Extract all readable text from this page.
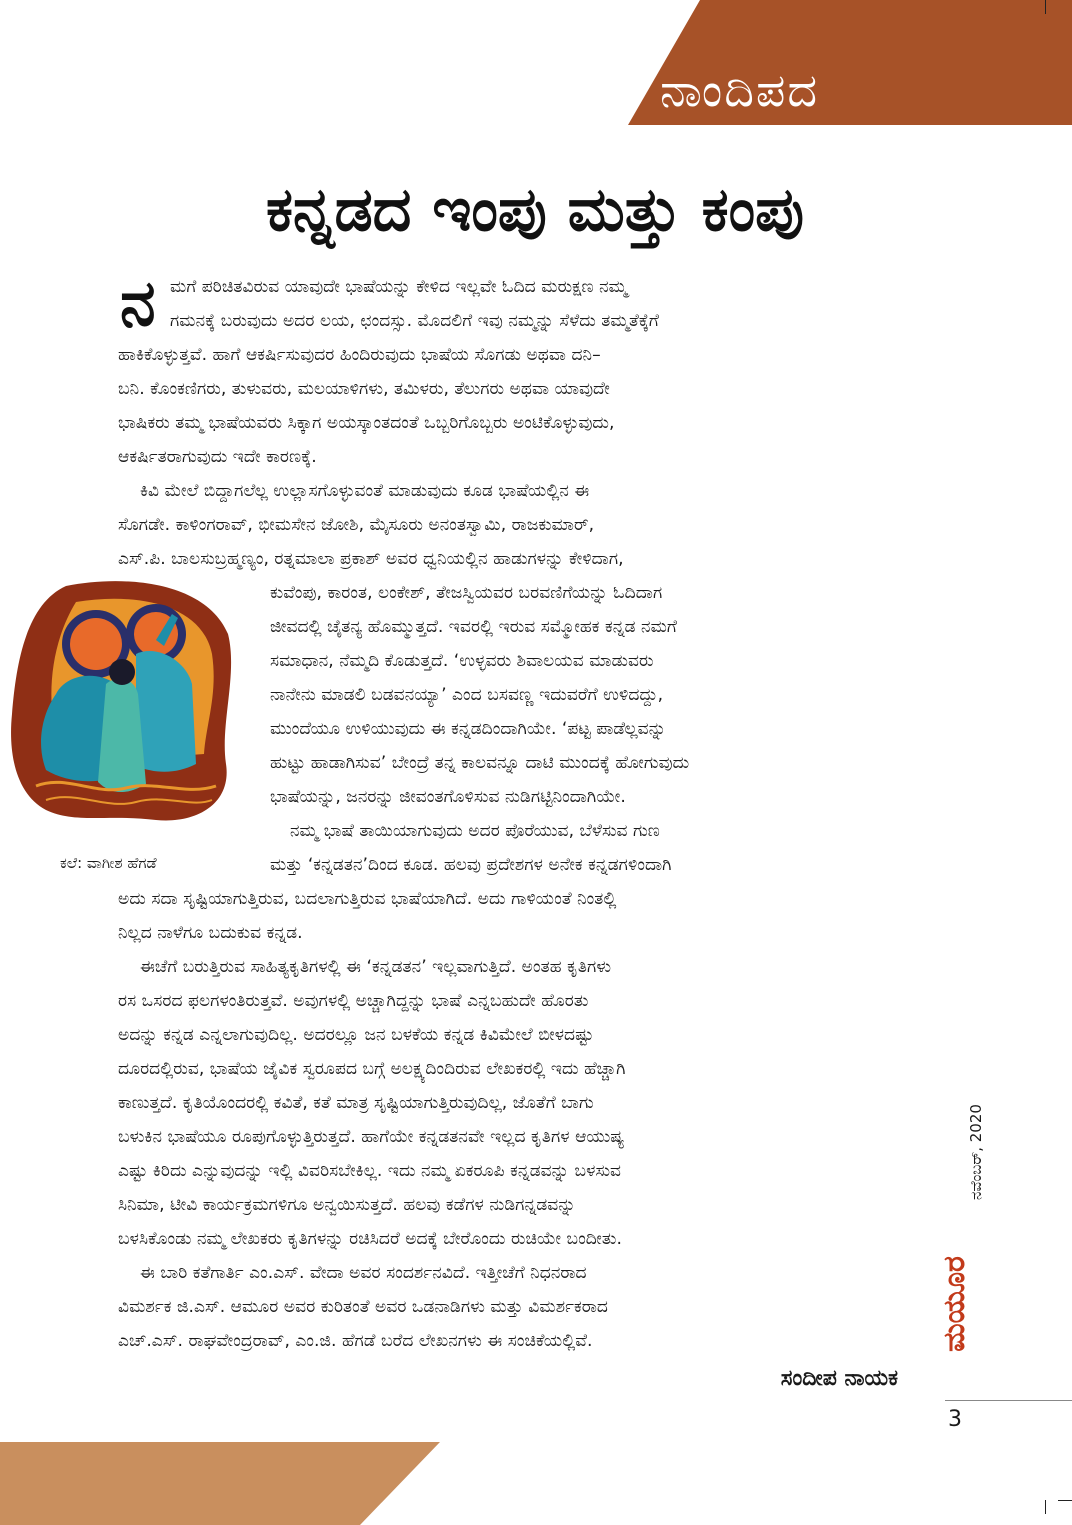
ನಾಂದಿಪದ
ಕನ್ನಡದ ಇಂಪು ಮತ್ತು ಕಂಪು
ನ ಮಗೆ ಪರಿಚಿತವಿರುವ ಯಾವುದೇ ಭಾಷೆಯನ್ನು ಕೇಳಿದ ಇಲ್ಲವೇ ಓದಿದ ಮರುಕ್ಷಣ ನಮ್ಮ
ಗಮನಕ್ಕೆ ಬರುವುದು ಅದರ ಲಯ, ಛಂದಸ್ಸು. ಮೊದಲಿಗೆ ಇವು ನಮ್ಮನ್ನು ಸೆಳೆದು ತಮ್ಮತೆಕ್ಕೆಗೆ
ಹಾಕಿಕೊಳ್ಳುತ್ತವೆ. ಹಾಗೆ ಆಕರ್ಷಿಸುವುದರ ಹಿಂದಿರುವುದು ಭಾಷೆಯ ಸೊಗಡು ಅಥವಾ ದನಿ–
ಬನಿ. ಕೊಂಕಣಿಗರು, ತುಳುವರು, ಮಲಯಾಳಿಗಳು, ತಮಿಳರು, ತೆಲುಗರು ಅಥವಾ ಯಾವುದೇ
ಭಾಷಿಕರು ತಮ್ಮ ಭಾಷೆಯವರು ಸಿಕ್ಕಾಗ ಅಯಸ್ಕಾಂತದಂತೆ ಒಬ್ಬರಿಗೊಬ್ಬರು ಅಂಟಿಕೊಳ್ಳುವುದು,
ಆಕರ್ಷಿತರಾಗುವುದು ಇದೇ ಕಾರಣಕ್ಕೆ.
ಕಿವಿ ಮೇಲೆ ಬಿದ್ದಾಗಲೆಲ್ಲ ಉಲ್ಲಾಸಗೊಳ್ಳುವಂತೆ ಮಾಡುವುದು ಕೂಡ ಭಾಷೆಯಲ್ಲಿನ ಈ
ಸೊಗಡೇ. ಕಾಳಿಂಗರಾವ್, ಭೀಮಸೇನ ಜೋಶಿ, ಮೈಸೂರು ಅನಂತಸ್ವಾಮಿ, ರಾಜಕುಮಾರ್,
ಎಸ್.ಪಿ. ಬಾಲಸುಬ್ರಹ್ಮಣ್ಯಂ, ರತ್ನಮಾಲಾ ಪ್ರಕಾಶ್ ಅವರ ಧ್ವನಿಯಲ್ಲಿನ ಹಾಡುಗಳನ್ನು ಕೇಳಿದಾಗ,
ಕುವೆಂಪು, ಕಾರಂತ, ಲಂಕೇಶ್, ತೇಜಸ್ವಿಯವರ ಬರವಣಿಗೆಯನ್ನು ಓದಿದಾಗ
ಜೀವದಲ್ಲಿ ಚೈತನ್ಯ ಹೊಮ್ಮುತ್ತದೆ. ಇವರಲ್ಲಿ ಇರುವ ಸಮ್ಮೋಹಕ ಕನ್ನಡ ನಮಗೆ
ಸಮಾಧಾನ, ನೆಮ್ಮದಿ ಕೊಡುತ್ತದೆ. ‘ಉಳ್ಳವರು ಶಿವಾಲಯವ ಮಾಡುವರು
ನಾನೇನು ಮಾಡಲಿ ಬಡವನಯ್ಯಾ’ ಎಂದ ಬಸವಣ್ಣ ಇದುವರೆಗೆ ಉಳಿದದ್ದು,
ಮುಂದೆಯೂ ಉಳಿಯುವುದು ಈ ಕನ್ನಡದಿಂದಾಗಿಯೇ. ‘ಪಟ್ಟ ಪಾಡೆಲ್ಲವನ್ನು
ಹುಟ್ಟು ಹಾಡಾಗಿಸುವ’ ಬೇಂದ್ರೆ ತನ್ನ ಕಾಲವನ್ನೂ ದಾಟಿ ಮುಂದಕ್ಕೆ ಹೋಗುವುದು
ಭಾಷೆಯನ್ನು, ಜನರನ್ನು ಜೀವಂತಗೊಳಿಸುವ ನುಡಿಗಟ್ಟಿನಿಂದಾಗಿಯೇ.
ನಮ್ಮ ಭಾಷೆ ತಾಯಿಯಾಗುವುದು ಅದರ ಪೊರೆಯುವ, ಬೆಳೆಸುವ ಗುಣ
ಮತ್ತು ‘ಕನ್ನಡತನ’ದಿಂದ ಕೂಡ. ಹಲವು ಪ್ರದೇಶಗಳ ಅನೇಕ ಕನ್ನಡಗಳಿಂದಾಗಿ
ಅದು ಸದಾ ಸೃಷ್ಟಿಯಾಗುತ್ತಿರುವ, ಬದಲಾಗುತ್ತಿರುವ ಭಾಷೆಯಾಗಿದೆ. ಅದು ಗಾಳಿಯಂತೆ ನಿಂತಲ್ಲಿ
ನಿಲ್ಲದ ನಾಳೆಗೂ ಬದುಕುವ ಕನ್ನಡ.
ಈಚೆಗೆ ಬರುತ್ತಿರುವ ಸಾಹಿತ್ಯಕೃತಿಗಳಲ್ಲಿ ಈ ‘ಕನ್ನಡತನ’ ಇಲ್ಲವಾಗುತ್ತಿದೆ. ಅಂತಹ ಕೃತಿಗಳು
ರಸ ಒಸರದ ಫಲಗಳಂತಿರುತ್ತವೆ. ಅವುಗಳಲ್ಲಿ ಅಚ್ಚಾಗಿದ್ದನ್ನು ಭಾಷೆ ಎನ್ನಬಹುದೇ ಹೊರತು
ಅದನ್ನು ಕನ್ನಡ ಎನ್ನಲಾಗುವುದಿಲ್ಲ. ಅದರಲ್ಲೂ ಜನ ಬಳಕೆಯ ಕನ್ನಡ ಕಿವಿಮೇಲೆ ಬೀಳದಷ್ಟು
ದೂರದಲ್ಲಿರುವ, ಭಾಷೆಯ ಜೈವಿಕ ಸ್ವರೂಪದ ಬಗ್ಗೆ ಅಲಕ್ಷ್ಯದಿಂದಿರುವ ಲೇಖಕರಲ್ಲಿ ಇದು ಹೆಚ್ಚಾಗಿ
ಕಾಣುತ್ತದೆ. ಕೃತಿಯೊಂದರಲ್ಲಿ ಕವಿತೆ, ಕತೆ ಮಾತ್ರ ಸೃಷ್ಟಿಯಾಗುತ್ತಿರುವುದಿಲ್ಲ, ಜೊತೆಗೆ ಬಾಗು
ಬಳುಕಿನ ಭಾಷೆಯೂ ರೂಪುಗೊಳ್ಳುತ್ತಿರುತ್ತದೆ. ಹಾಗೆಯೇ ಕನ್ನಡತನವೇ ಇಲ್ಲದ ಕೃತಿಗಳ ಆಯುಷ್ಯ
ಎಷ್ಟು ಕಿರಿದು ಎನ್ನುವುದನ್ನು ಇಲ್ಲಿ ವಿವರಿಸಬೇಕಿಲ್ಲ. ಇದು ನಮ್ಮ ಏಕರೂಪಿ ಕನ್ನಡವನ್ನು ಬಳಸುವ
ಸಿನಿಮಾ, ಟೀವಿ ಕಾರ್ಯಕ್ರಮಗಳಿಗೂ ಅನ್ವಯಿಸುತ್ತದೆ. ಹಲವು ಕಡೆಗಳ ನುಡಿಗನ್ನಡವನ್ನು
ಬಳಸಿಕೊಂಡು ನಮ್ಮ ಲೇಖಕರು ಕೃತಿಗಳನ್ನು ರಚಿಸಿದರೆ ಅದಕ್ಕೆ ಬೇರೊಂದು ರುಚಿಯೇ ಬಂದೀತು.
ಈ ಬಾರಿ ಕತೆಗಾರ್ತಿ ಎಂ.ಎಸ್. ವೇದಾ ಅವರ ಸಂದರ್ಶನವಿದೆ. ಇತ್ತೀಚೆಗೆ ನಿಧನರಾದ
ವಿಮರ್ಶಕ ಜಿ.ಎಸ್. ಆಮೂರ ಅವರ ಕುರಿತಂತೆ ಅವರ ಒಡನಾಡಿಗಳು ಮತ್ತು ವಿಮರ್ಶಕರಾದ
ಎಚ್.ಎಸ್. ರಾಘವೇಂದ್ರರಾವ್, ಎಂ.ಜಿ. ಹೆಗಡೆ ಬರೆದ ಲೇಖನಗಳು ಈ ಸಂಚಿಕೆಯಲ್ಲಿವೆ.
ಕಲೆ: ವಾಗೀಶ ಹೆಗಡೆ
ಸಂದೀಪ ನಾಯಕ
ನವೆಂಬರ್, 2020
ಮಯೂರ
3
